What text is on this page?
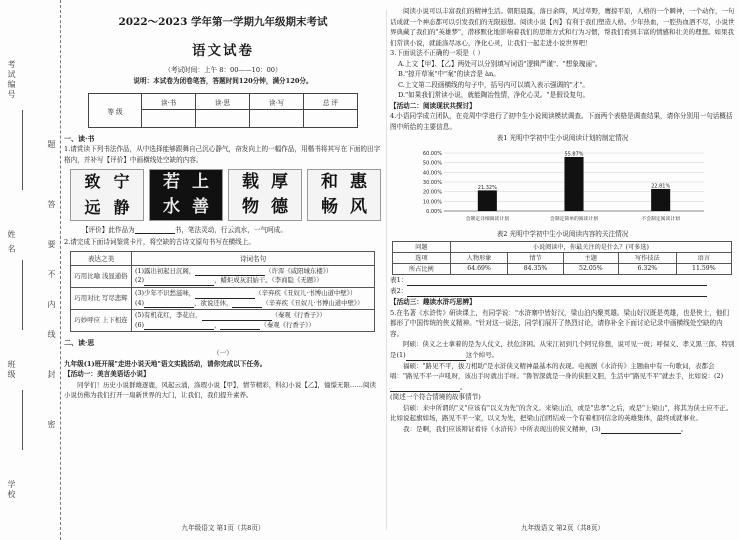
考试编号
姓 名
班级
学校
题
答
要
不
内
线
封
密
2022～2023 学年第一学期九年级期末考试
语文试卷
（考试时间：上午 8：00——10：00）
说明：本试卷为闭卷笔答，答题时间120分钟，满分120分。
等 级	读·书	读·思	读·写	总 评

一、读·书
1.请赏读下列书法作品，从中选择能够跟舞自己沉心静气，奋发向上的一幅作品，用楷书将其写在下面的田字格内，并补写【评价】中画横线处空缺的内容。
致 宁
远 静
若 上
水 善
载 厚
物 德
和 惠
畅 风
【评价】此作品为	书，笔法灵动，行云流水，一气呵成。
2.请完成下面诗词鉴赏卡片，将空缺的古诗文原句书写在横线上。
表达之美	诗词名句
巧用比喻 浅显通俗	(1)露出初起日沉阁， （许浑《咸阳城东楼》）
(2) ，蜡炬成灰泪始干。（李商隐《无题》）

巧用对比 写尽悲辉	(3)少年不识愁滋味， （辛弃疾《丑奴儿·书博山道中壁》）
(4) ，欲说还休， （辛弃疾《丑奴儿·书博山道中壁》）

巧妙呼应 上下相连	(5)有机花红，李花白， （秦观《行香子》）
(6) ， （秦观《行香子》）
二、读·思
（一）
九年级(1)班开展"走进小说天地"语文实践活动，请你完成以下任务。
【活动一：美言美语话小说】
同学们！历史小说群雄逐鹿，风起云涌，涤瑕小说【甲】，情节精彩，科幻小说【乙】，憧憬无限……阅读小说仿佛为我们打开一扇新世界的大门，让我们，我们提升素养。
九年级语文 第1页（共8页）
阅读小说可以丰富我们的精神生活。朝阳晨露，落日余晖，风过草野，鹰掠平原，人格的一个瞬神，一个动作，一句话成就一个神态都可以引发我们的无限遐想。阅读小说【丙】有利于我们塑造人格。少年热血，一腔热血洒不尽，小说世界典藏了我们的"英雄梦"，潜移默化地影响着我们的思维方式和行为习惯，帮我们看到丰富的情感和壮美的理想。如果我们常读小说，就能涤尽冰心，净化心灵，让我们一起走进小说世界吧！
3.下面说法不正确的一项是（ ）
A.上文【甲】、【乙】两处可以分别填写词语"逻辑严谨"、"想象瑰丽"。
B."掠开草案"中"案"的读音是 àn。
C.上文第二段画横线的句子中，括号内可以填入表示强调的"才"。
D."如果我们常读小说，就能陶冶性情，净化心灵。"是假设复句。
【活动二：阅读现状共探讨】
4.小语同学成立团队，在竞周中学进行了初中生小说阅读模状调查。下面两个表格是调查结果，请你分别用一句话概括图中所给的主要信息。
表1 光明中学初中生小说阅读计划的制定情况
0.00%
10.00%
20.00%
30.00%
40.00%
50.00%
60.00%
21.32%
会制定详细阅读计划
55.87%
会制定简单的阅读计划
22.81%
不会制定阅读计划
表2 光明中学初中生小说阅读内容的关注情况
问题	小说阅读中，你最关注的是什么？(可多选)				
选项	人物形象	情节	主题	写作技法	语言
所占比例	64.69%	84.35%	52.05%	6.32%	11.59%
表1：
表2：
【活动三：趣读水浒巧思辨】
5.在名著《水浒传》研读课上，有同学说："水浒寨中皆好汉，梁山泊内聚英雄。梁山好汉既是英雄，也是侠士，他们都形了中国传统的侠义精神。"针对这一说法，同学们展开了热烈讨论，请你补全下面讨论记录中画横线处空缺的内容。
阿硕：侠义之士拿着的是为人仗义，扶危济困。从宋江初到几个阿兄你想，说可见一斑；呼保义、孝义黑三郎，特别是(1)	这个绰号。
福硕："路见不平，拔刀相助"是水浒侠义精神最基本的表现。电视剧《水浒传》主题曲中有一句歌词，表都会唱："路见不平一声吼呀，该出手时就出手呀。"鲁智深就是一身的侠胆义胆，生活中"路见不平"就去手，比如说：(2)。
(简述一个符合情境的故事情节)
信硕：来中所谓的"义"应该有"以义为先"的含义。来梁山泊，或是"忠孝"之后，或是"上梁山"，将其为侠士应不正。比如说起旗如场，路见不平一家，以义为先，把梁山泊团结成一个有着相同信念的英雄集体，最终成就事业。
我：是啊，我们应该辩证看待《水浒传》中所表现出的侠义精神，(3)	。
九年级语文 第2页（共8页）
